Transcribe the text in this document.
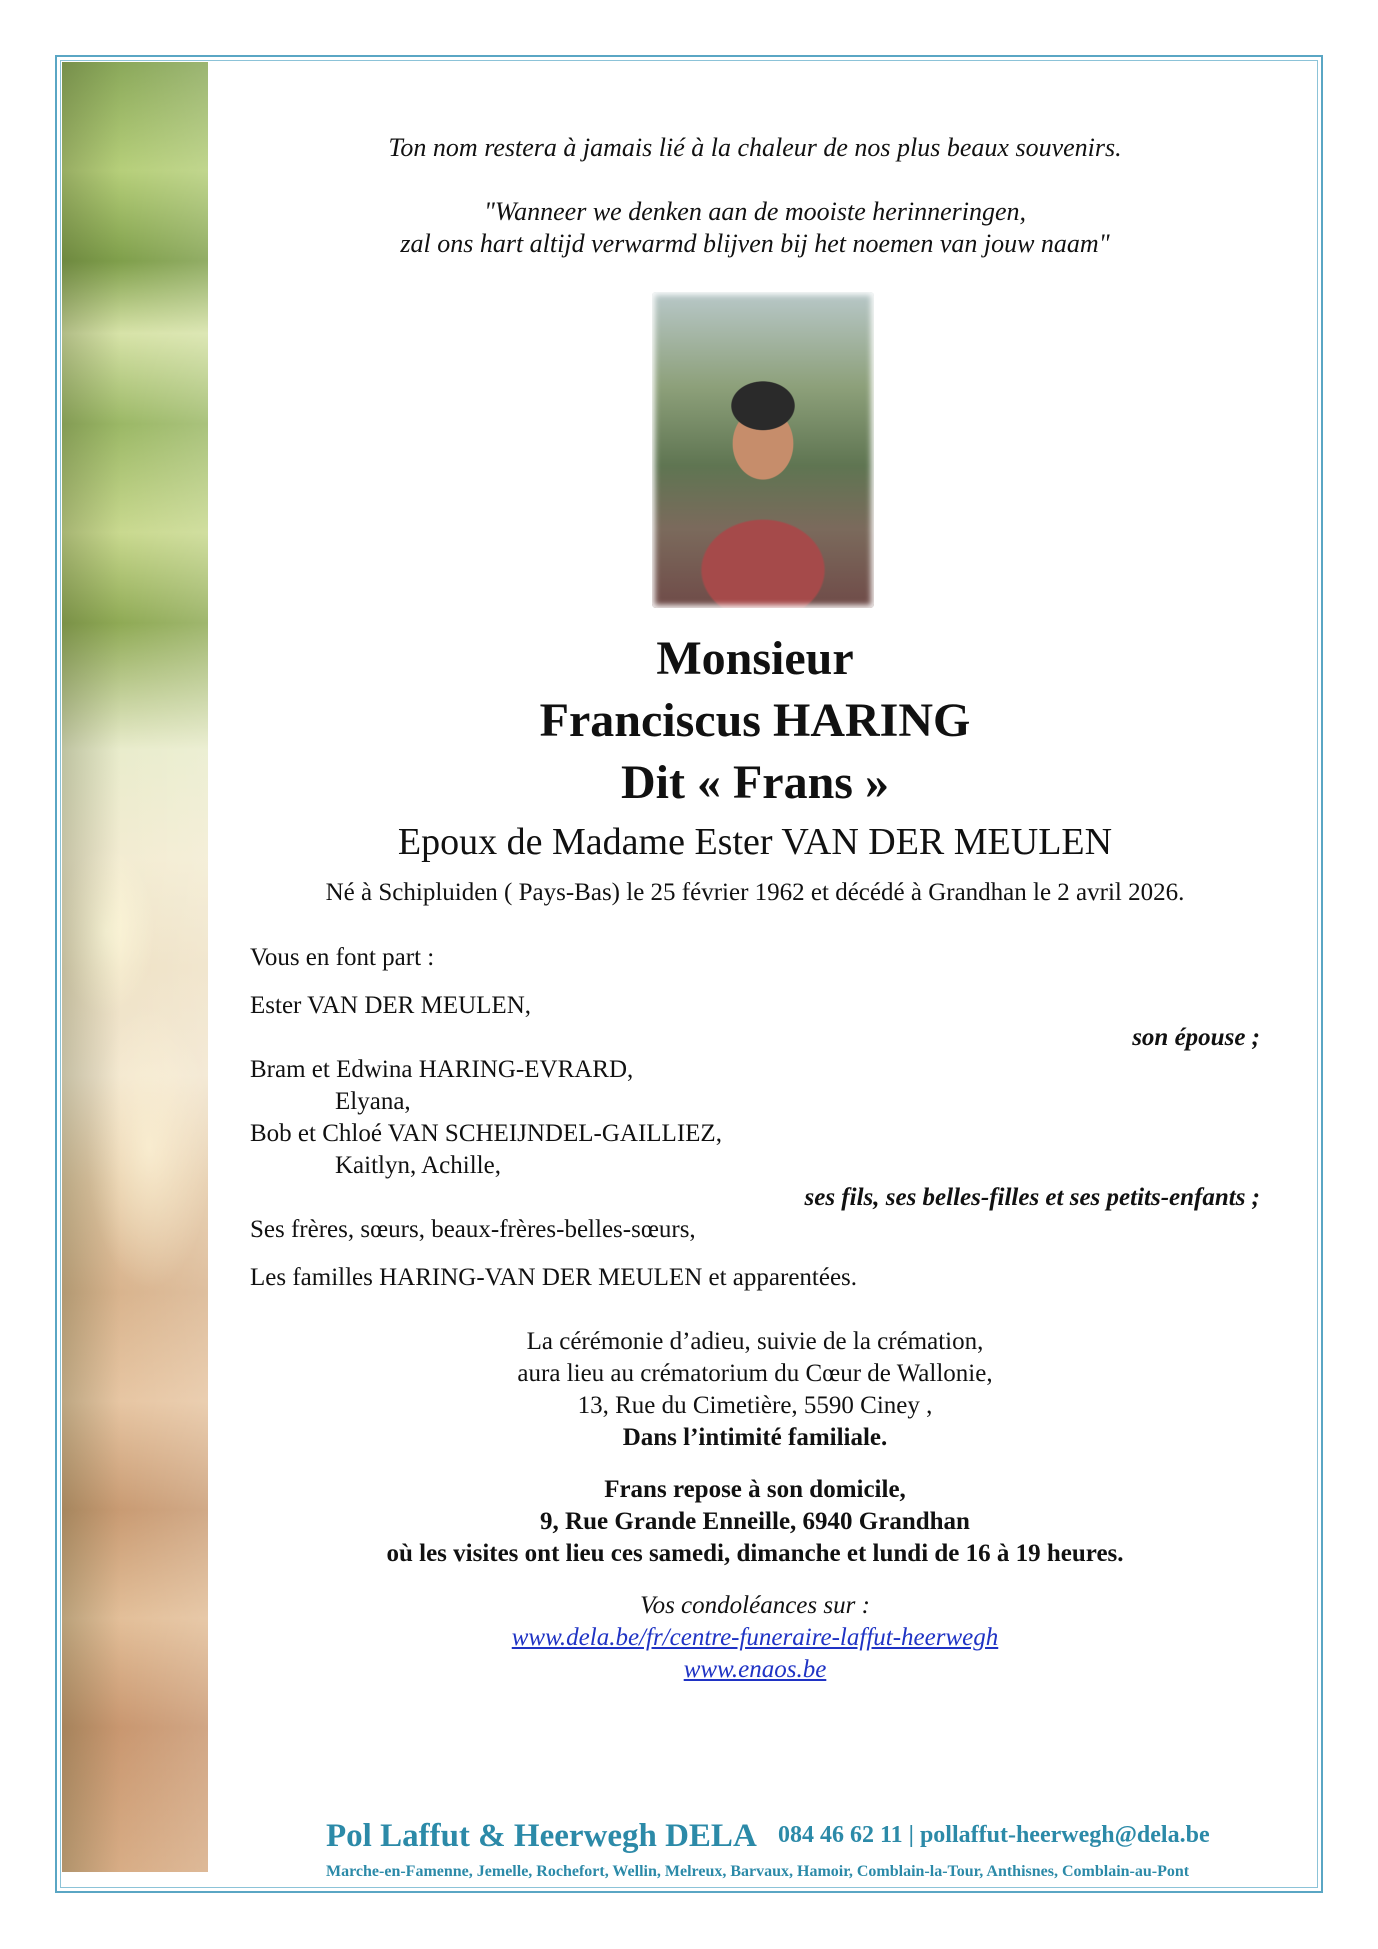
Ton nom restera à jamais lié à la chaleur de nos plus beaux souvenirs.
"Wanneer we denken aan de mooiste herinneringen,
zal ons hart altijd verwarmd blijven bij het noemen van jouw naam"
Monsieur
Franciscus HARING
Dit « Frans »
Epoux de Madame Ester VAN DER MEULEN
Né à Schipluiden ( Pays-Bas) le 25 février 1962 et décédé à Grandhan le 2 avril 2026.
Vous en font part :
Ester VAN DER MEULEN,
son épouse ;
Bram et Edwina HARING-EVRARD,
Elyana,
Bob et Chloé VAN SCHEIJNDEL-GAILLIEZ,
Kaitlyn, Achille,
ses fils, ses belles-filles et ses petits-enfants ;
Ses frères, sœurs, beaux-frères-belles-sœurs,
Les familles HARING-VAN DER MEULEN et apparentées.
La cérémonie d’adieu, suivie de la crémation,
aura lieu au crématorium du Cœur de Wallonie,
13, Rue du Cimetière, 5590 Ciney ,
Dans l’intimité familiale.
Frans repose à son domicile,
9, Rue Grande Enneille, 6940 Grandhan
où les visites ont lieu ces samedi, dimanche et lundi de 16 à 19 heures.
Vos condoléances sur :
www.dela.be/fr/centre-funeraire-laffut-heerwegh
www.enaos.be
Pol Laffut & Heerwegh DELA 084 46 62 11 | pollaffut-heerwegh@dela.be
Marche-en-Famenne, Jemelle, Rochefort, Wellin, Melreux, Barvaux, Hamoir, Comblain-la-Tour, Anthisnes, Comblain-au-Pont
